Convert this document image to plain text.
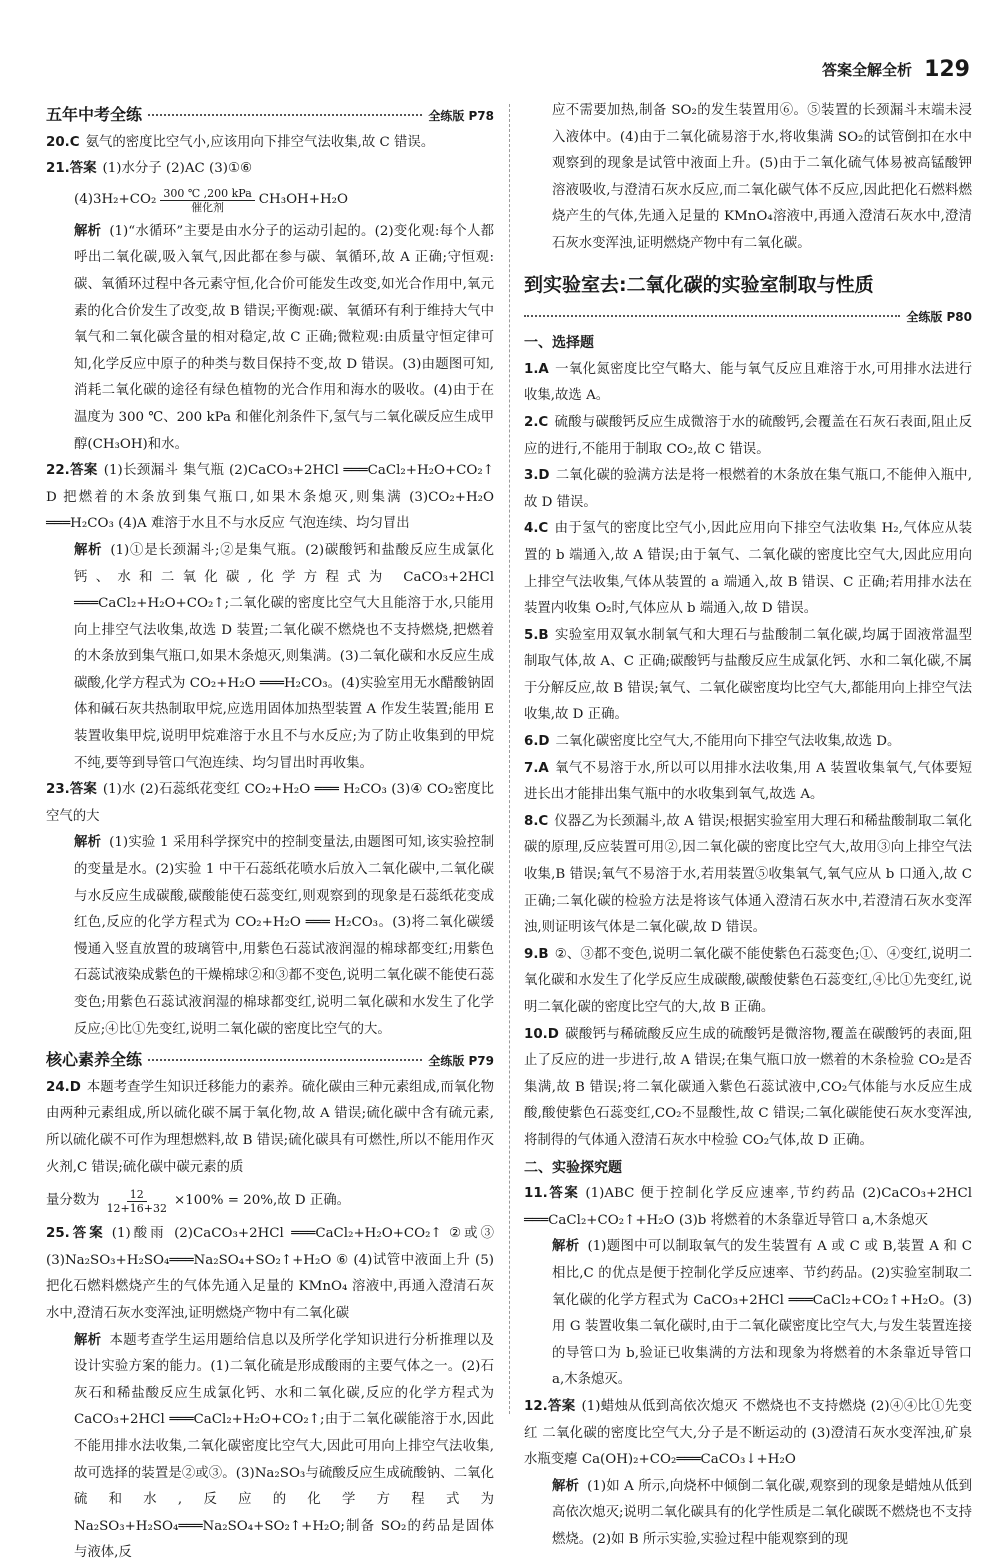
答案全解全析 129
五年中考全练	全练版 P78

20.C 氨气的密度比空气小,应该用向下排空气法收集,故 C 错误。

21.答案 (1)水分子 (2)AC (3)①⑥

$(4)3H_2+CO_2 \frac{\text{300 ℃ ,200 kPa}}{\text{催化剂}} CH_3OH+H_2O$

解析 (1)“水循环”主要是由水分子的运动引起的。(2)变化观:每个人都呼出二氧化碳,吸入氧气,因此都在参与碳、氧循环,故 A 正确;守恒观:碳、氧循环过程中各元素守恒,化合价可能发生改变,如光合作用中,氧元素的化合价发生了改变,故 B 错误;平衡观:碳、氧循环有利于维持大气中氧气和二氧化碳含量的相对稳定,故 C 正确;微粒观:由质量守恒定律可知,化学反应中原子的种类与数目保持不变,故 D 错误。(3)由题图可知,消耗二氧化碳的途径有绿色植物的光合作用和海水的吸收。(4)由于在温度为 300 ℃、200 kPa 和催化剂条件下,氢气与二氧化碳反应生成甲醇(CH₃OH)和水。

22.答案 (1)长颈漏斗 集气瓶 (2)CaCO₃+2HCl ═══CaCl₂+H₂O+CO₂↑ D 把燃着的木条放到集气瓶口,如果木条熄灭,则集满 (3)CO₂+H₂O ═══H₂CO₃ (4)A 难溶于水且不与水反应 气泡连续、均匀冒出

解析 (1)①是长颈漏斗;②是集气瓶。(2)碳酸钙和盐酸反应生成氯化钙、水和二氧化碳,化学方程式为 CaCO₃+2HCl ═══CaCl₂+H₂O+CO₂↑;二氧化碳的密度比空气大且能溶于水,只能用向上排空气法收集,故选 D 装置;二氧化碳不燃烧也不支持燃烧,把燃着的木条放到集气瓶口,如果木条熄灭,则集满。(3)二氧化碳和水反应生成碳酸,化学方程式为 CO₂+H₂O ═══H₂CO₃。(4)实验室用无水醋酸钠固体和碱石灰共热制取甲烷,应选用固体加热型装置 A 作发生装置;能用 E 装置收集甲烷,说明甲烷难溶于水且不与水反应;为了防止收集到的甲烷不纯,要等到导管口气泡连续、均匀冒出时再收集。

23.答案 (1)水 (2)石蕊纸花变红 CO₂+H₂O ═══ H₂CO₃ (3)④ CO₂密度比空气的大

解析 (1)实验 1 采用科学探究中的控制变量法,由题图可知,该实验控制的变量是水。(2)实验 1 中干石蕊纸花喷水后放入二氧化碳中,二氧化碳与水反应生成碳酸,碳酸能使石蕊变红,则观察到的现象是石蕊纸花变成红色,反应的化学方程式为 CO₂+H₂O ═══ H₂CO₃。(3)将二氧化碳缓慢通入竖直放置的玻璃管中,用紫色石蕊试液润湿的棉球都变红;用紫色石蕊试液染成紫色的干燥棉球②和③都不变色,说明二氧化碳不能使石蕊变色;用紫色石蕊试液润湿的棉球都变红,说明二氧化碳和水发生了化学反应;④比①先变红,说明二氧化碳的密度比空气的大。

核心素养全练	全练版 P79

24.D 本题考查学生知识迁移能力的素养。硫化碳由三种元素组成,而氧化物由两种元素组成,所以硫化碳不属于氧化物,故 A 错误;硫化碳中含有硫元素,所以硫化碳不可作为理想燃料,故 B 错误;硫化碳具有可燃性,所以不能用作灭火剂,C 错误;硫化碳中碳元素的质

量分数为 $\frac{12}{12+16+32} \times 100\% = 20\%$,故 D 正确。

25.答案 (1)酸雨 (2)CaCO₃+2HCl ═══CaCl₂+H₂O+CO₂↑ ②或③ (3)Na₂SO₃+H₂SO₄═══Na₂SO₄+SO₂↑+H₂O ⑥ (4)试管中液面上升 (5)把化石燃料燃烧产生的气体先通入足量的 KMnO₄ 溶液中,再通入澄清石灰水中,澄清石灰水变浑浊,证明燃烧产物中有二氧化碳

解析 本题考查学生运用题给信息以及所学化学知识进行分析推理以及设计实验方案的能力。(1)二氧化硫是形成酸雨的主要气体之一。(2)石灰石和稀盐酸反应生成氯化钙、水和二氧化碳,反应的化学方程式为 CaCO₃+2HCl ═══CaCl₂+H₂O+CO₂↑;由于二氧化碳能溶于水,因此不能用排水法收集,二氧化碳密度比空气大,因此可用向上排空气法收集,故可选择的装置是②或③。(3)Na₂SO₃与硫酸反应生成硫酸钠、二氧化硫和水,反应的化学方程式为 Na₂SO₃+H₂SO₄═══Na₂SO₄+SO₂↑+H₂O;制备 SO₂的药品是固体与液体,反

应不需要加热,制备 SO₂的发生装置用⑥。⑤装置的长颈漏斗末端未浸入液体中。(4)由于二氧化硫易溶于水,将收集满 SO₂的试管倒扣在水中观察到的现象是试管中液面上升。(5)由于二氧化硫气体易被高锰酸钾溶液吸收,与澄清石灰水反应,而二氧化碳气体不反应,因此把化石燃料燃烧产生的气体,先通入足量的 KMnO₄溶液中,再通入澄清石灰水中,澄清石灰水变浑浊,证明燃烧产物中有二氧化碳。

到实验室去:二氧化碳的实验室制取与性质
全练版 P80
一、选择题

1.A 一氧化氮密度比空气略大、能与氧气反应且难溶于水,可用排水法进行收集,故选 A。

2.C 硫酸与碳酸钙反应生成微溶于水的硫酸钙,会覆盖在石灰石表面,阻止反应的进行,不能用于制取 CO₂,故 C 错误。

3.D 二氧化碳的验满方法是将一根燃着的木条放在集气瓶口,不能伸入瓶中,故 D 错误。

4.C 由于氢气的密度比空气小,因此应用向下排空气法收集 H₂,气体应从装置的 b 端通入,故 A 错误;由于氧气、二氧化碳的密度比空气大,因此应用向上排空气法收集,气体从装置的 a 端通入,故 B 错误、C 正确;若用排水法在装置内收集 O₂时,气体应从 b 端通入,故 D 错误。

5.B 实验室用双氧水制氧气和大理石与盐酸制二氧化碳,均属于固液常温型制取气体,故 A、C 正确;碳酸钙与盐酸反应生成氯化钙、水和二氧化碳,不属于分解反应,故 B 错误;氧气、二氧化碳密度均比空气大,都能用向上排空气法收集,故 D 正确。

6.D 二氧化碳密度比空气大,不能用向下排空气法收集,故选 D。

7.A 氧气不易溶于水,所以可以用排水法收集,用 A 装置收集氧气,气体要短进长出才能排出集气瓶中的水收集到氧气,故选 A。

8.C 仪器乙为长颈漏斗,故 A 错误;根据实验室用大理石和稀盐酸制取二氧化碳的原理,反应装置可用②,因二氧化碳的密度比空气大,故用③向上排空气法收集,B 错误;氧气不易溶于水,若用装置⑤收集氧气,氧气应从 b 口通入,故 C 正确;二氧化碳的检验方法是将该气体通入澄清石灰水中,若澄清石灰水变浑浊,则证明该气体是二氧化碳,故 D 错误。

9.B ②、③都不变色,说明二氧化碳不能使紫色石蕊变色;①、④变红,说明二氧化碳和水发生了化学反应生成碳酸,碳酸使紫色石蕊变红,④比①先变红,说明二氧化碳的密度比空气的大,故 B 正确。

10.D 碳酸钙与稀硫酸反应生成的硫酸钙是微溶物,覆盖在碳酸钙的表面,阻止了反应的进一步进行,故 A 错误;在集气瓶口放一燃着的木条检验 CO₂是否集满,故 B 错误;将二氧化碳通入紫色石蕊试液中,CO₂气体能与水反应生成酸,酸使紫色石蕊变红,CO₂不显酸性,故 C 错误;二氧化碳能使石灰水变浑浊,将制得的气体通入澄清石灰水中检验 CO₂气体,故 D 正确。

二、实验探究题

11.答案 (1)ABC 便于控制化学反应速率,节约药品 (2)CaCO₃+2HCl ═══CaCl₂+CO₂↑+H₂O (3)b 将燃着的木条靠近导管口 a,木条熄灭

解析 (1)题图中可以制取氧气的发生装置有 A 或 C 或 B,装置 A 和 C 相比,C 的优点是便于控制化学反应速率、节约药品。(2)实验室制取二氧化碳的化学方程式为 CaCO₃+2HCl ═══CaCl₂+CO₂↑+H₂O。(3)用 G 装置收集二氧化碳时,由于二氧化碳密度比空气大,与发生装置连接的导管口为 b,验证已收集满的方法和现象为将燃着的木条靠近导管口 a,木条熄灭。

12.答案 (1)蜡烛从低到高依次熄灭 不燃烧也不支持燃烧 (2)④④比①先变红 二氧化碳的密度比空气大,分子是不断运动的 (3)澄清石灰水变浑浊,矿泉水瓶变瘪 Ca(OH)₂+CO₂═══CaCO₃↓+H₂O

解析 (1)如 A 所示,向烧杯中倾倒二氧化碳,观察到的现象是蜡烛从低到高依次熄灭;说明二氧化碳具有的化学性质是二氧化碳既不燃烧也不支持燃烧。(2)如 B 所示实验,实验过程中能观察到的现
